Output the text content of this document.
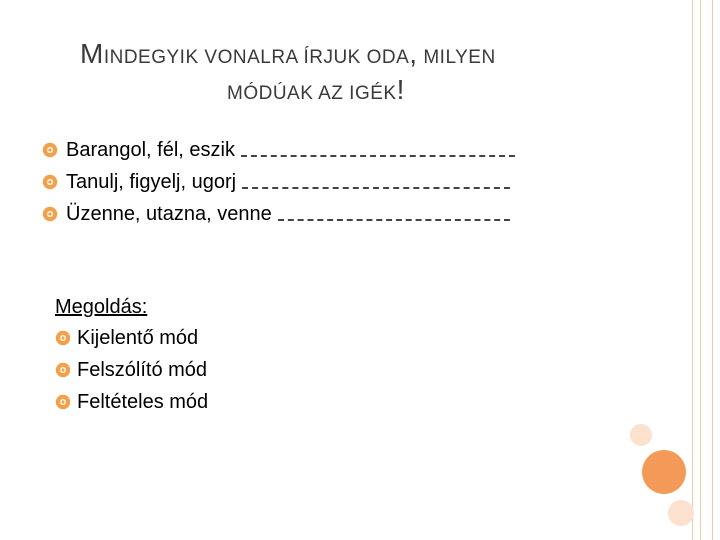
MINDEGYIK VONALRA ÍRJUK ODA, MILYEN
MÓDÚAK AZ IGÉK!
Barangol, fél, eszik
Tanulj, figyelj, ugorj
Üzenne, utazna, venne
Megoldás:
Kijelentő mód
Felszólító mód
Feltételes mód
